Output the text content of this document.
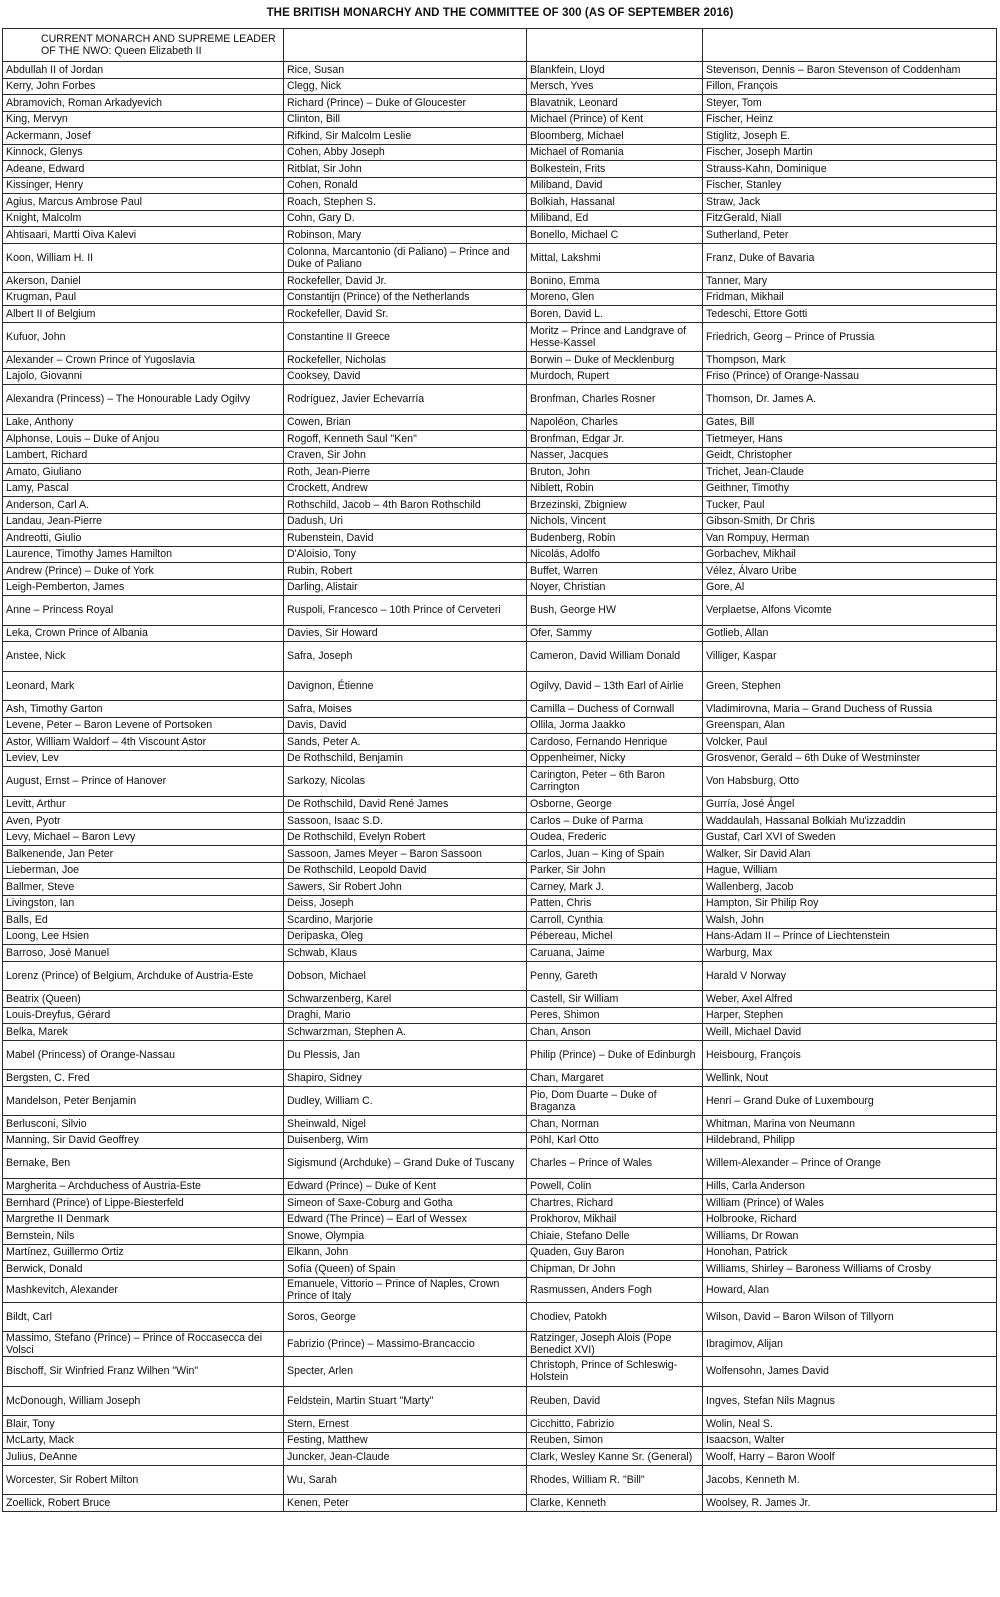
THE BRITISH MONARCHY AND THE COMMITTEE OF 300 (AS OF SEPTEMBER 2016)
CURRENT MONARCH AND SUPREME LEADER OF THE NWO: Queen Elizabeth II			
Abdullah II of Jordan	Rice, Susan	Blankfein, Lloyd	Stevenson, Dennis – Baron Stevenson of Coddenham
Kerry, John Forbes	Clegg, Nick	Mersch, Yves	Fillon, François
Abramovich, Roman Arkadyevich	Richard (Prince) – Duke of Gloucester	Blavatnik, Leonard	Steyer, Tom
King, Mervyn	Clinton, Bill	Michael (Prince) of Kent	Fischer, Heinz
Ackermann, Josef	Rifkind, Sir Malcolm Leslie	Bloomberg, Michael	Stiglitz, Joseph E.
Kinnock, Glenys	Cohen, Abby Joseph	Michael of Romania	Fischer, Joseph Martin
Adeane, Edward	Ritblat, Sir John	Bolkestein, Frits	Strauss-Kahn, Dominique
Kissinger, Henry	Cohen, Ronald	Miliband, David	Fischer, Stanley
Agius, Marcus Ambrose Paul	Roach, Stephen S.	Bolkiah, Hassanal	Straw, Jack
Knight, Malcolm	Cohn, Gary D.	Miliband, Ed	FitzGerald, Niall
Ahtisaari, Martti Oiva Kalevi	Robinson, Mary	Bonello, Michael C	Sutherland, Peter
Koon, William H. II	Colonna, Marcantonio (di Paliano) – Prince and Duke of Paliano	Mittal, Lakshmi	Franz, Duke of Bavaria
Akerson, Daniel	Rockefeller, David Jr.	Bonino, Emma	Tanner, Mary
Krugman, Paul	Constantijn (Prince) of the Netherlands	Moreno, Glen	Fridman, Mikhail
Albert II of Belgium	Rockefeller, David Sr.	Boren, David L.	Tedeschi, Ettore Gotti
Kufuor, John	Constantine II Greece	Moritz – Prince and Landgrave of Hesse-Kassel	Friedrich, Georg – Prince of Prussia
Alexander – Crown Prince of Yugoslavia	Rockefeller, Nicholas	Borwin – Duke of Mecklenburg	Thompson, Mark
Lajolo, Giovanni	Cooksey, David	Murdoch, Rupert	Friso (Prince) of Orange-Nassau
Alexandra (Princess) – The Honourable Lady Ogilvy	Rodríguez, Javier Echevarría	Bronfman, Charles Rosner	Thomson, Dr. James A.
Lake, Anthony	Cowen, Brian	Napoléon, Charles	Gates, Bill
Alphonse, Louis – Duke of Anjou	Rogoff, Kenneth Saul "Ken"	Bronfman, Edgar Jr.	Tietmeyer, Hans
Lambert, Richard	Craven, Sir John	Nasser, Jacques	Geidt, Christopher
Amato, Giuliano	Roth, Jean-Pierre	Bruton, John	Trichet, Jean-Claude
Lamy, Pascal	Crockett, Andrew	Niblett, Robin	Geithner, Timothy
Anderson, Carl A.	Rothschild, Jacob – 4th Baron Rothschild	Brzezinski, Zbigniew	Tucker, Paul
Landau, Jean-Pierre	Dadush, Uri	Nichols, Vincent	Gibson-Smith, Dr Chris
Andreotti, Giulio	Rubenstein, David	Budenberg, Robin	Van Rompuy, Herman
Laurence, Timothy James Hamilton	D'Aloisio, Tony	Nicolás, Adolfo	Gorbachev, Mikhail
Andrew (Prince) – Duke of York	Rubin, Robert	Buffet, Warren	Vélez, Álvaro Uribe
Leigh-Pemberton, James	Darling, Alistair	Noyer, Christian	Gore, Al
Anne – Princess Royal	Ruspoli, Francesco – 10th Prince of Cerveteri	Bush, George HW	Verplaetse, Alfons Vicomte
Leka, Crown Prince of Albania	Davies, Sir Howard	Ofer, Sammy	Gotlieb, Allan
Anstee, Nick	Safra, Joseph	Cameron, David William Donald	Villiger, Kaspar
Leonard, Mark	Davignon, Étienne	Ogilvy, David – 13th Earl of Airlie	Green, Stephen
Ash, Timothy Garton	Safra, Moises	Camilla – Duchess of Cornwall	Vladimirovna, Maria – Grand Duchess of Russia
Levene, Peter – Baron Levene of Portsoken	Davis, David	Ollila, Jorma Jaakko	Greenspan, Alan
Astor, William Waldorf – 4th Viscount Astor	Sands, Peter A.	Cardoso, Fernando Henrique	Volcker, Paul
Leviev, Lev	De Rothschild, Benjamin	Oppenheimer, Nicky	Grosvenor, Gerald – 6th Duke of Westminster
August, Ernst – Prince of Hanover	Sarkozy, Nicolas	Carington, Peter – 6th Baron Carrington	Von Habsburg, Otto
Levitt, Arthur	De Rothschild, David René James	Osborne, George	Gurría, José Ángel
Aven, Pyotr	Sassoon, Isaac S.D.	Carlos – Duke of Parma	Waddaulah, Hassanal Bolkiah Mu'izzaddin
Levy, Michael – Baron Levy	De Rothschild, Evelyn Robert	Oudea, Frederic	Gustaf, Carl XVI of Sweden
Balkenende, Jan Peter	Sassoon, James Meyer – Baron Sassoon	Carlos, Juan – King of Spain	Walker, Sir David Alan
Lieberman, Joe	De Rothschild, Leopold David	Parker, Sir John	Hague, William
Ballmer, Steve	Sawers, Sir Robert John	Carney, Mark J.	Wallenberg, Jacob
Livingston, Ian	Deiss, Joseph	Patten, Chris	Hampton, Sir Philip Roy
Balls, Ed	Scardino, Marjorie	Carroll, Cynthia	Walsh, John
Loong, Lee Hsien	Deripaska, Oleg	Pébereau, Michel	Hans-Adam II – Prince of Liechtenstein
Barroso, José Manuel	Schwab, Klaus	Caruana, Jaime	Warburg, Max
Lorenz (Prince) of Belgium, Archduke of Austria-Este	Dobson, Michael	Penny, Gareth	Harald V Norway
Beatrix (Queen)	Schwarzenberg, Karel	Castell, Sir William	Weber, Axel Alfred
Louis-Dreyfus, Gérard	Draghi, Mario	Peres, Shimon	Harper, Stephen
Belka, Marek	Schwarzman, Stephen A.	Chan, Anson	Weill, Michael David
Mabel (Princess) of Orange-Nassau	Du Plessis, Jan	Philip (Prince) – Duke of Edinburgh	Heisbourg, François
Bergsten, C. Fred	Shapiro, Sidney	Chan, Margaret	Wellink, Nout
Mandelson, Peter Benjamin	Dudley, William C.	Pio, Dom Duarte – Duke of Braganza	Henri – Grand Duke of Luxembourg
Berlusconi, Silvio	Sheinwald, Nigel	Chan, Norman	Whitman, Marina von Neumann
Manning, Sir David Geoffrey	Duisenberg, Wim	Pöhl, Karl Otto	Hildebrand, Philipp
Bernake, Ben	Sigismund (Archduke) – Grand Duke of Tuscany	Charles – Prince of Wales	Willem-Alexander – Prince of Orange
Margherita – Archduchess of Austria-Este	Edward (Prince) – Duke of Kent	Powell, Colin	Hills, Carla Anderson
Bernhard (Prince) of Lippe-Biesterfeld	Simeon of Saxe-Coburg and Gotha	Chartres, Richard	William (Prince) of Wales
Margrethe II Denmark	Edward (The Prince) – Earl of Wessex	Prokhorov, Mikhail	Holbrooke, Richard
Bernstein, Nils	Snowe, Olympia	Chiaie, Stefano Delle	Williams, Dr Rowan
Martínez, Guillermo Ortiz	Elkann, John	Quaden, Guy Baron	Honohan, Patrick
Berwick, Donald	Sofía (Queen) of Spain	Chipman, Dr John	Williams, Shirley – Baroness Williams of Crosby
Mashkevitch, Alexander	Emanuele, Vittorio – Prince of Naples, Crown Prince of Italy	Rasmussen, Anders Fogh	Howard, Alan
Bildt, Carl	Soros, George	Chodiev, Patokh	Wilson, David – Baron Wilson of Tillyorn
Massimo, Stefano (Prince) – Prince of Roccasecca dei Volsci	Fabrizio (Prince) – Massimo-Brancaccio	Ratzinger, Joseph Alois (Pope Benedict XVI)	Ibragimov, Alijan
Bischoff, Sir Winfried Franz Wilhen "Win"	Specter, Arlen	Christoph, Prince of Schleswig-Holstein	Wolfensohn, James David
McDonough, William Joseph	Feldstein, Martin Stuart "Marty"	Reuben, David	Ingves, Stefan Nils Magnus
Blair, Tony	Stern, Ernest	Cicchitto, Fabrizio	Wolin, Neal S.
McLarty, Mack	Festing, Matthew	Reuben, Simon	Isaacson, Walter
Julius, DeAnne	Juncker, Jean-Claude	Clark, Wesley Kanne Sr. (General)	Woolf, Harry – Baron Woolf
Worcester, Sir Robert Milton	Wu, Sarah	Rhodes, William R. "Bill"	Jacobs, Kenneth M.
Zoellick, Robert Bruce	Kenen, Peter	Clarke, Kenneth	Woolsey, R. James Jr.
